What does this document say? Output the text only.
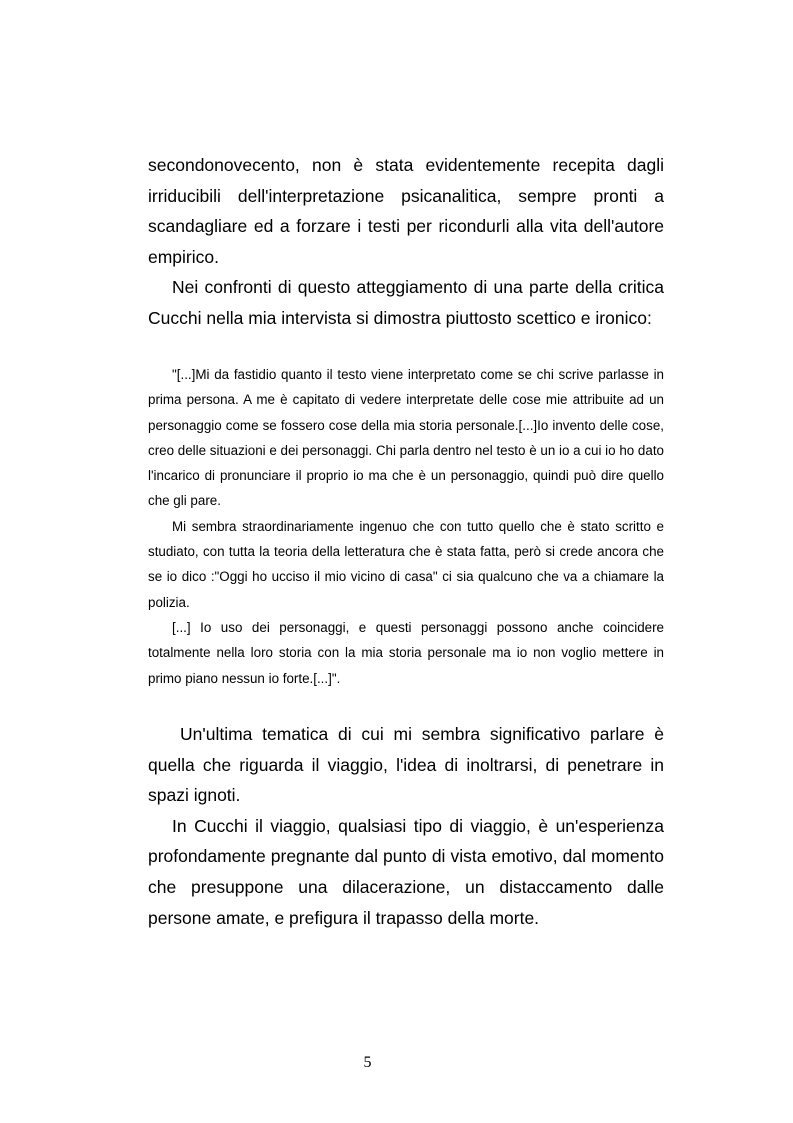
secondonovecento, non è stata evidentemente recepita dagli irriducibili dell'interpretazione psicanalitica, sempre pronti a scandagliare ed a forzare i testi per ricondurli alla vita dell'autore empirico.

Nei confronti di questo atteggiamento di una parte della critica Cucchi nella mia intervista si dimostra piuttosto scettico e ironico:

"[...]Mi da fastidio quanto il testo viene interpretato come se chi scrive parlasse in prima persona. A me è capitato di vedere interpretate delle cose mie attribuite ad un personaggio come se fossero cose della mia storia personale.[...]Io invento delle cose, creo delle situazioni e dei personaggi. Chi parla dentro nel testo è un io a cui io ho dato l'incarico di pronunciare il proprio io ma che è un personaggio, quindi può dire quello che gli pare.

Mi sembra straordinariamente ingenuo che con tutto quello che è stato scritto e studiato, con tutta la teoria della letteratura che è stata fatta, però si crede ancora che se io dico :"Oggi ho ucciso il mio vicino di casa" ci sia qualcuno che va a chiamare la polizia.

[...] Io uso dei personaggi, e questi personaggi possono anche coincidere totalmente nella loro storia con la mia storia personale ma io non voglio mettere in primo piano nessun io forte.[...]".

Un'ultima tematica di cui mi sembra significativo parlare è quella che riguarda il viaggio, l'idea di inoltrarsi, di penetrare in spazi ignoti.

In Cucchi il viaggio, qualsiasi tipo di viaggio, è un'esperienza profondamente pregnante dal punto di vista emotivo, dal momento che presuppone una dilacerazione, un distaccamento dalle persone amate, e prefigura il trapasso della morte.

5
